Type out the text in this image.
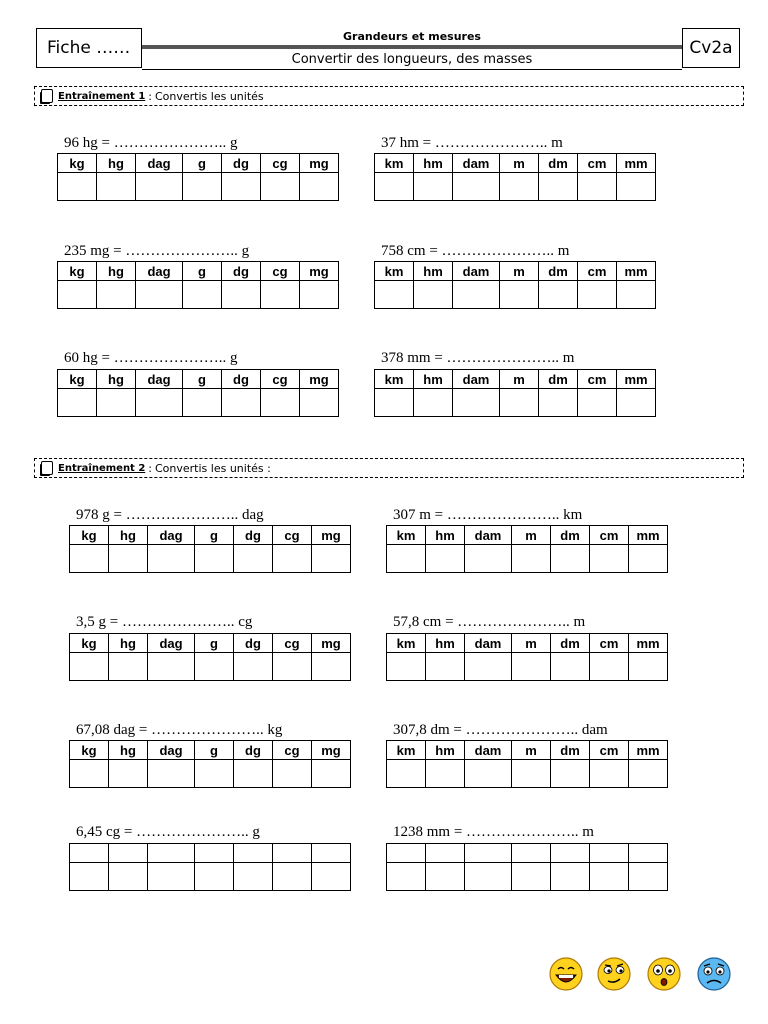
Fiche ……
Grandeurs et mesures
Convertir des longueurs, des masses
Cv2a
Entraînement 1 : Convertis les unités
Entraînement 2 : Convertis les unités :
96 hg = ………………….. g
kg	hg	dag	g	dg	cg	mg

37 hm = ………………….. m
km	hm	dam	m	dm	cm	mm

235 mg = ………………….. g
kg	hg	dag	g	dg	cg	mg

758 cm = ………………….. m
km	hm	dam	m	dm	cm	mm

60 hg = ………………….. g
kg	hg	dag	g	dg	cg	mg

378 mm = ………………….. m
km	hm	dam	m	dm	cm	mm

978 g = ………………….. dag
kg	hg	dag	g	dg	cg	mg

307 m = ………………….. km
km	hm	dam	m	dm	cm	mm

3,5 g = ………………….. cg
kg	hg	dag	g	dg	cg	mg

57,8 cm = ………………….. m
km	hm	dam	m	dm	cm	mm

67,08 dag = ………………….. kg
kg	hg	dag	g	dg	cg	mg

307,8 dm = ………………….. dam
km	hm	dam	m	dm	cm	mm

6,45 cg = ………………….. g

							1238 mm = ………………….. m
